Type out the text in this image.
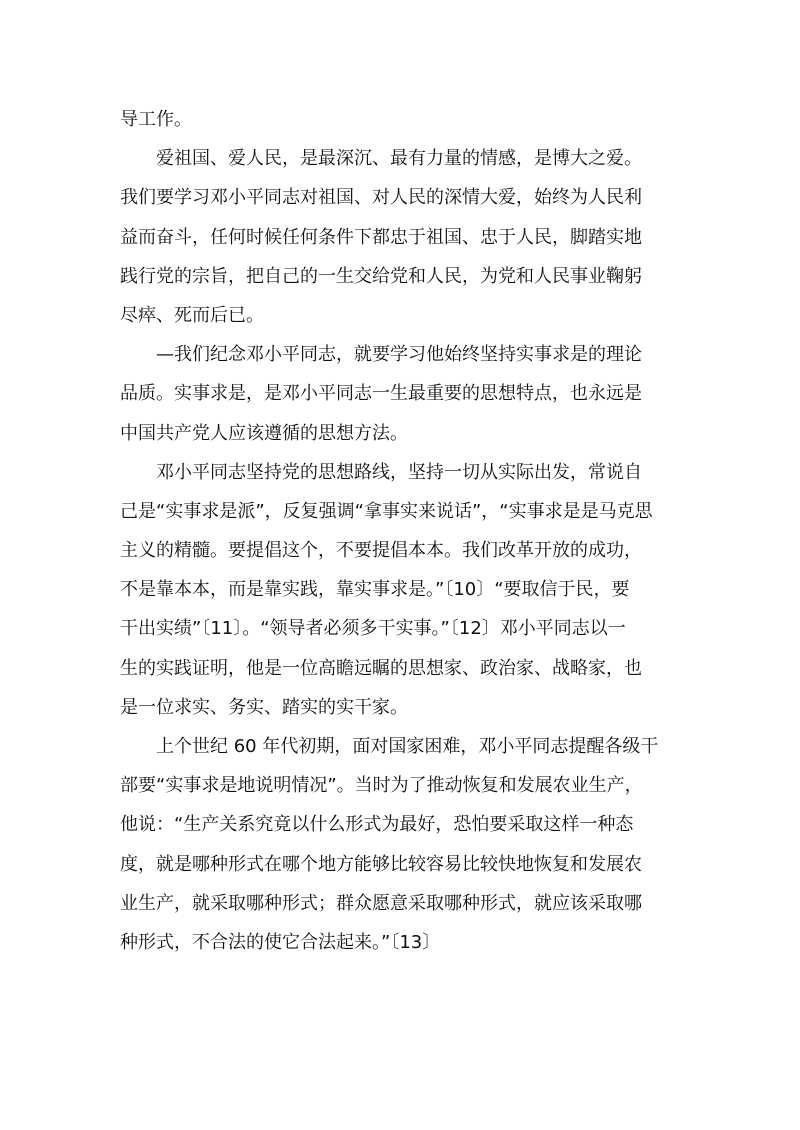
导工作。
爱祖国、爱人民，是最深沉、最有力量的情感，是博大之爱。
我们要学习邓小平同志对祖国、对人民的深情大爱，始终为人民利
益而奋斗，任何时候任何条件下都忠于祖国、忠于人民，脚踏实地
践行党的宗旨，把自己的一生交给党和人民，为党和人民事业鞠躬
尽瘁、死而后已。
—我们纪念邓小平同志，就要学习他始终坚持实事求是的理论
品质。实事求是，是邓小平同志一生最重要的思想特点，也永远是
中国共产党人应该遵循的思想方法。
邓小平同志坚持党的思想路线，坚持一切从实际出发，常说自
己是“实事求是派”，反复强调“拿事实来说话”，“实事求是是马克思
主义的精髓。要提倡这个，不要提倡本本。我们改革开放的成功，
不是靠本本，而是靠实践，靠实事求是。”〔10〕“要取信于民，要
干出实绩”〔11〕。“领导者必须多干实事。”〔12〕邓小平同志以一
生的实践证明，他是一位高瞻远瞩的思想家、政治家、战略家，也
是一位求实、务实、踏实的实干家。
上个世纪 60 年代初期，面对国家困难，邓小平同志提醒各级干
部要“实事求是地说明情况”。当时为了推动恢复和发展农业生产，
他说：“生产关系究竟以什么形式为最好，恐怕要采取这样一种态
度，就是哪种形式在哪个地方能够比较容易比较快地恢复和发展农
业生产，就采取哪种形式；群众愿意采取哪种形式，就应该采取哪
种形式，不合法的使它合法起来。”〔13〕
